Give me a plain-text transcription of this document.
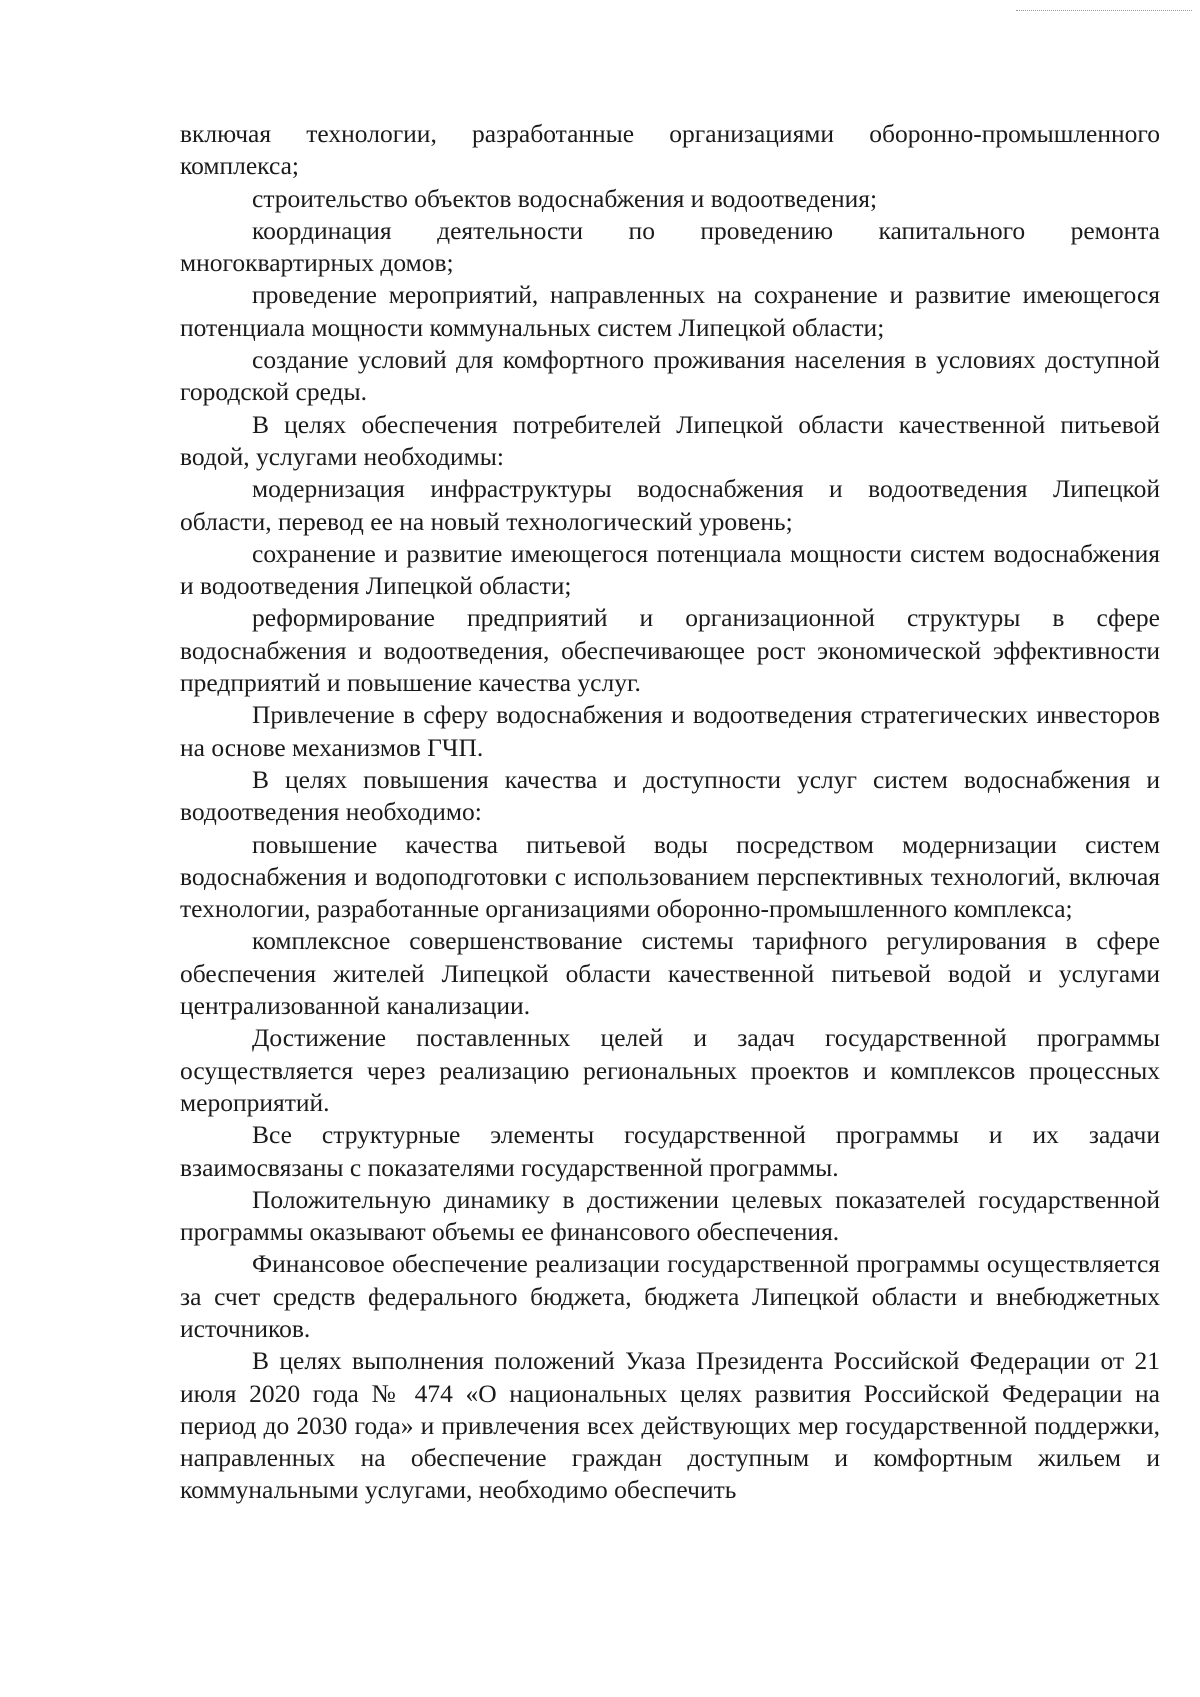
включая технологии, разработанные организациями оборонно-промышленного комплекса;

строительство объектов водоснабжения и водоотведения;

координация деятельности по проведению капитального ремонта многоквартирных домов;

проведение мероприятий, направленных на сохранение и развитие имеющегося потенциала мощности коммунальных систем Липецкой области;

создание условий для комфортного проживания населения в условиях доступной городской среды.

В целях обеспечения потребителей Липецкой области качественной питьевой водой, услугами необходимы:

модернизация инфраструктуры водоснабжения и водоотведения Липецкой области, перевод ее на новый технологический уровень;

сохранение и развитие имеющегося потенциала мощности систем водоснабжения и водоотведения Липецкой области;

реформирование предприятий и организационной структуры в сфере водоснабжения и водоотведения, обеспечивающее рост экономической эффективности предприятий и повышение качества услуг.

Привлечение в сферу водоснабжения и водоотведения стратегических инвесторов на основе механизмов ГЧП.

В целях повышения качества и доступности услуг систем водоснабжения и водоотведения необходимо:

повышение качества питьевой воды посредством модернизации систем водоснабжения и водоподготовки с использованием перспективных технологий, включая технологии, разработанные организациями оборонно-промышленного комплекса;

комплексное совершенствование системы тарифного регулирования в сфере обеспечения жителей Липецкой области качественной питьевой водой и услугами централизованной канализации.

Достижение поставленных целей и задач государственной программы осуществляется через реализацию региональных проектов и комплексов процессных мероприятий.

Все структурные элементы государственной программы и их задачи взаимосвязаны с показателями государственной программы.

Положительную динамику в достижении целевых показателей государственной программы оказывают объемы ее финансового обеспечения.

Финансовое обеспечение реализации государственной программы осуществляется за счет средств федерального бюджета, бюджета Липецкой области и внебюджетных источников.

В целях выполнения положений Указа Президента Российской Федерации от 21 июля 2020 года № 474 «О национальных целях развития Российской Федерации на период до 2030 года» и привлечения всех действующих мер государственной поддержки, направленных на обеспечение граждан доступным и комфортным жильем и коммунальными услугами, необходимо обеспечить
